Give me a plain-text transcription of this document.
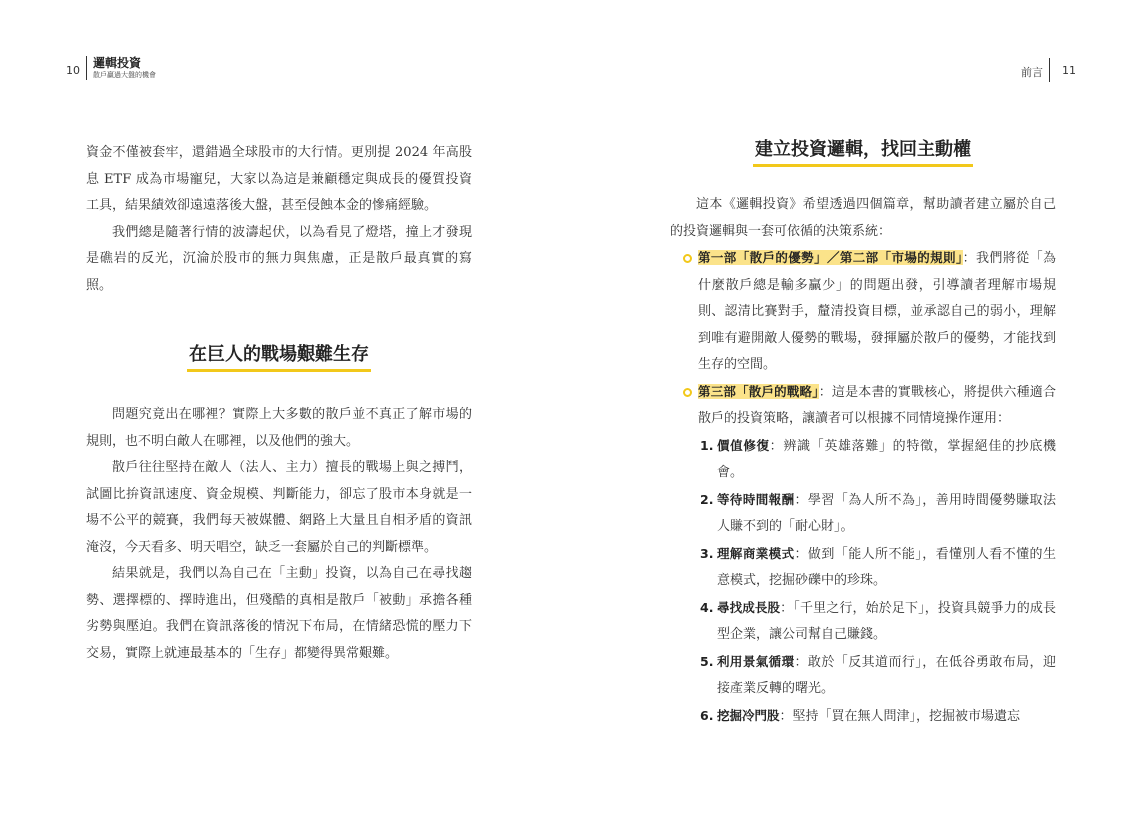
10
邏輯投資
散戶贏過大盤的機會

資金不僅被套牢，還錯過全球股市的大行情。更別提 2024 年高股息 ETF 成為市場寵兒，大家以為這是兼顧穩定與成長的優質投資工具，結果績效卻遠遠落後大盤，甚至侵蝕本金的慘痛經驗。

我們總是隨著行情的波濤起伏，以為看見了燈塔，撞上才發現是礁岩的反光，沉淪於股市的無力與焦慮，正是散戶最真實的寫照。

在巨人的戰場艱難生存

問題究竟出在哪裡？實際上大多數的散戶並不真正了解市場的規則，也不明白敵人在哪裡，以及他們的強大。

散戶往往堅持在敵人（法人、主力）擅長的戰場上與之搏鬥，試圖比拚資訊速度、資金規模、判斷能力，卻忘了股市本身就是一場不公平的競賽，我們每天被媒體、網路上大量且自相矛盾的資訊淹沒，今天看多、明天唱空，缺乏一套屬於自己的判斷標準。

結果就是，我們以為自己在「主動」投資，以為自己在尋找趨勢、選擇標的、擇時進出，但殘酷的真相是散戶「被動」承擔各種劣勢與壓迫。我們在資訊落後的情況下布局，在情緒恐慌的壓力下交易，實際上就連最基本的「生存」都變得異常艱難。

前言 11
建立投資邏輯，找回主動權

這本《邏輯投資》希望透過四個篇章，幫助讀者建立屬於自己的投資邏輯與一套可依循的決策系統：

第一部「散戶的優勢」／第二部「市場的規則」：我們將從「為什麼散戶總是輸多贏少」的問題出發，引導讀者理解市場規則、認清比賽對手，釐清投資目標，並承認自己的弱小，理解到唯有避開敵人優勢的戰場，發揮屬於散戶的優勢，才能找到生存的空間。
第三部「散戶的戰略」：這是本書的實戰核心，將提供六種適合散戶的投資策略，讓讀者可以根據不同情境操作運用：
1. 價值修復：辨識「英雄落難」的特徵，掌握絕佳的抄底機會。
2. 等待時間報酬：學習「為人所不為」，善用時間優勢賺取法人賺不到的「耐心財」。
3. 理解商業模式：做到「能人所不能」，看懂別人看不懂的生意模式，挖掘砂礫中的珍珠。
4. 尋找成長股：「千里之行，始於足下」，投資具競爭力的成長型企業，讓公司幫自己賺錢。
5. 利用景氣循環：敢於「反其道而行」，在低谷勇敢布局，迎接產業反轉的曙光。
6. 挖掘冷門股：堅持「買在無人問津」，挖掘被市場遺忘
